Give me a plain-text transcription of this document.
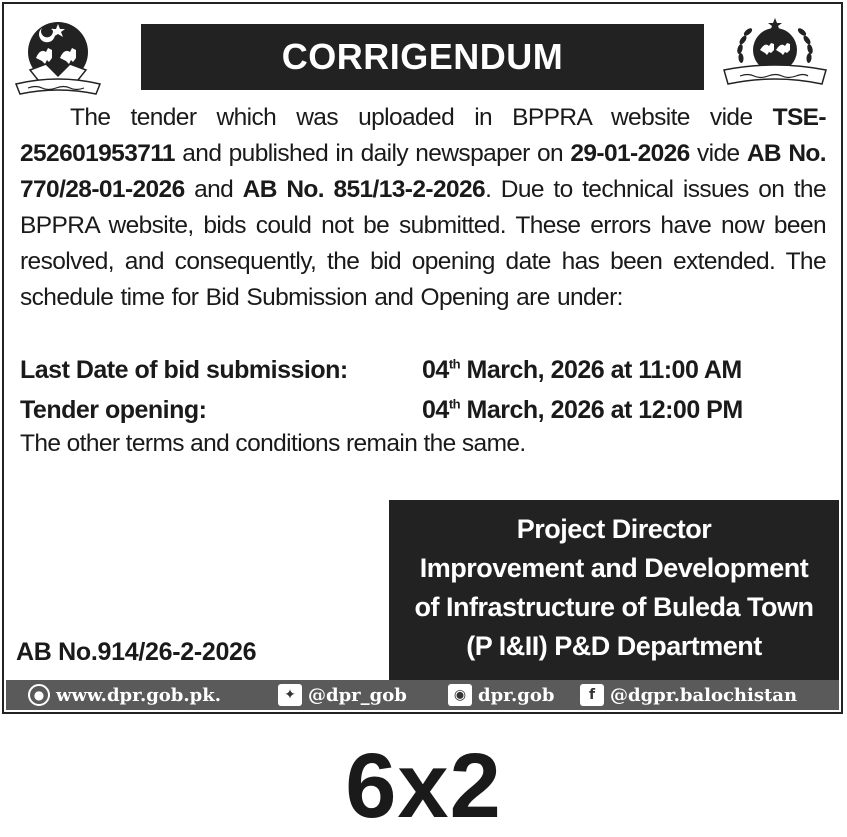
CORRIGENDUM

The tender which was uploaded in BPPRA website vide TSE-252601953711 and published in daily newspaper on 29-01-2026 vide AB No. 770/28-01-2026 and AB No. 851/13-2-2026. Due to technical issues on the BPPRA website, bids could not be submitted. These errors have now been resolved, and consequently, the bid opening date has been extended. The schedule time for Bid Submission and Opening are under:

Last Date of bid submission:	04th March, 2026 at 11:00 AM
Tender opening:	04th March, 2026 at 12:00 PM
The other terms and conditions remain the same.
Project Director
Improvement and Development
of Infrastructure of Buleda Town
(P I&II) P&D Department
AB No.914/26-2-2026
● www.dpr.gob.pk.	✦ @dpr_gob	◉ dpr.gob	f @dgpr.balochistan
6x2
